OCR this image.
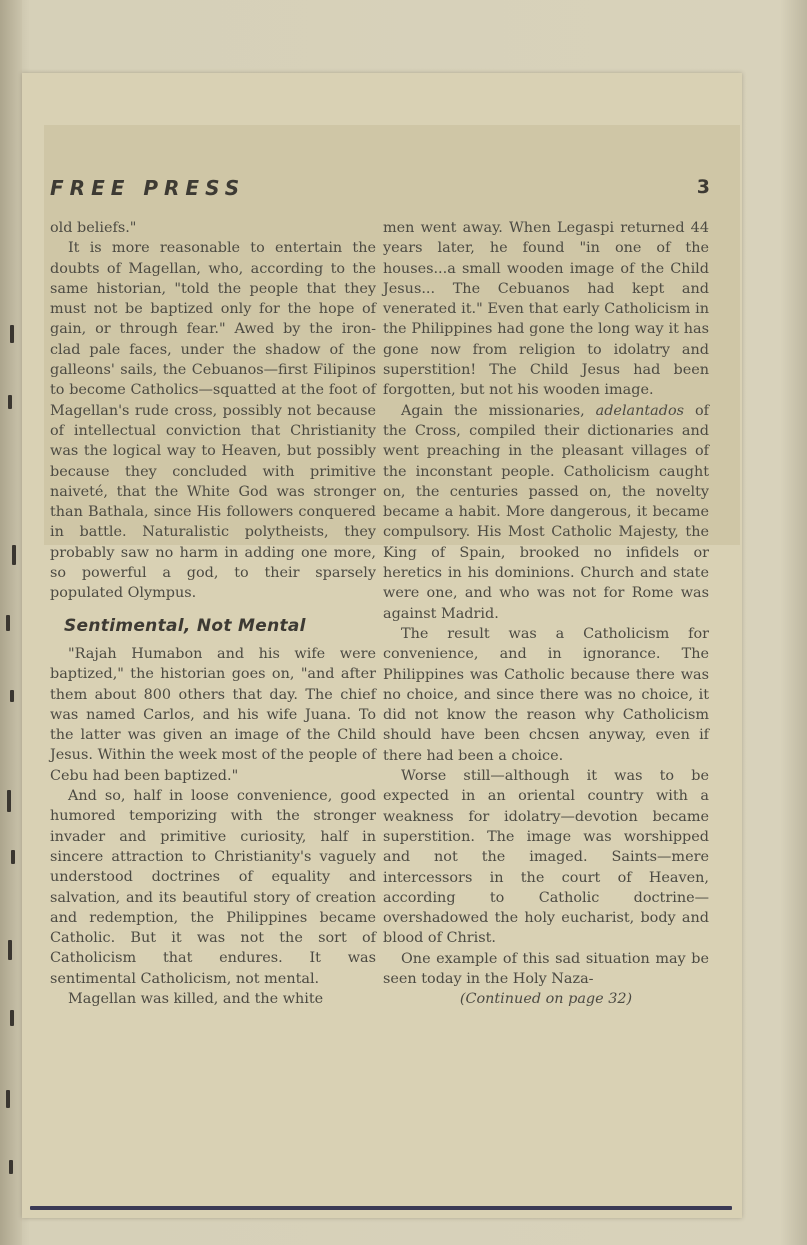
FREE PRESS	3

old beliefs."

It is more reasonable to entertain the doubts of Magellan, who, according to the same historian, "told the people that they must not be baptized only for the hope of gain, or through fear." Awed by the iron-clad pale faces, under the shadow of the galleons' sails, the Cebuanos—first Filipinos to become Catholics—squatted at the foot of Magellan's rude cross, possibly not because of intellectual conviction that Christianity was the logical way to Heaven, but possibly because they concluded with primitive naiveté, that the White God was stronger than Bathala, since His followers conquered in battle. Naturalistic polytheists, they probably saw no harm in adding one more, so powerful a god, to their sparsely populated Olympus.

Sentimental, Not Mental

"Rajah Humabon and his wife were baptized," the historian goes on, "and after them about 800 others that day. The chief was named Carlos, and his wife Juana. To the latter was given an image of the Child Jesus. Within the week most of the people of Cebu had been baptized."

And so, half in loose convenience, good humored temporizing with the stronger invader and primitive curiosity, half in sincere attraction to Christianity's vaguely understood doctrines of equality and salvation, and its beautiful story of creation and redemption, the Philippines became Catholic. But it was not the sort of Catholicism that endures. It was sentimental Catholicism, not mental.

Magellan was killed, and the white

men went away. When Legaspi returned 44 years later, he found "in one of the houses...a small wooden image of the Child Jesus... The Cebuanos had kept and venerated it." Even that early Catholicism in the Philippines had gone the long way it has gone now from religion to idolatry and superstition! The Child Jesus had been forgotten, but not his wooden image.

Again the missionaries, adelantados of the Cross, compiled their dictionaries and went preaching in the pleasant villages of the inconstant people. Catholicism caught on, the centuries passed on, the novelty became a habit. More dangerous, it became compulsory. His Most Catholic Majesty, the King of Spain, brooked no infidels or heretics in his dominions. Church and state were one, and who was not for Rome was against Madrid.

The result was a Catholicism for convenience, and in ignorance. The Philippines was Catholic because there was no choice, and since there was no choice, it did not know the reason why Catholicism should have been chcsen anyway, even if there had been a choice.

Worse still—although it was to be expected in an oriental country with a weakness for idolatry—devotion became superstition. The image was worshipped and not the imaged. Saints—mere intercessors in the court of Heaven, according to Catholic doctrine—overshadowed the holy eucharist, body and blood of Christ.

One example of this sad situation may be seen today in the Holy Naza-

(Continued on page 32)
